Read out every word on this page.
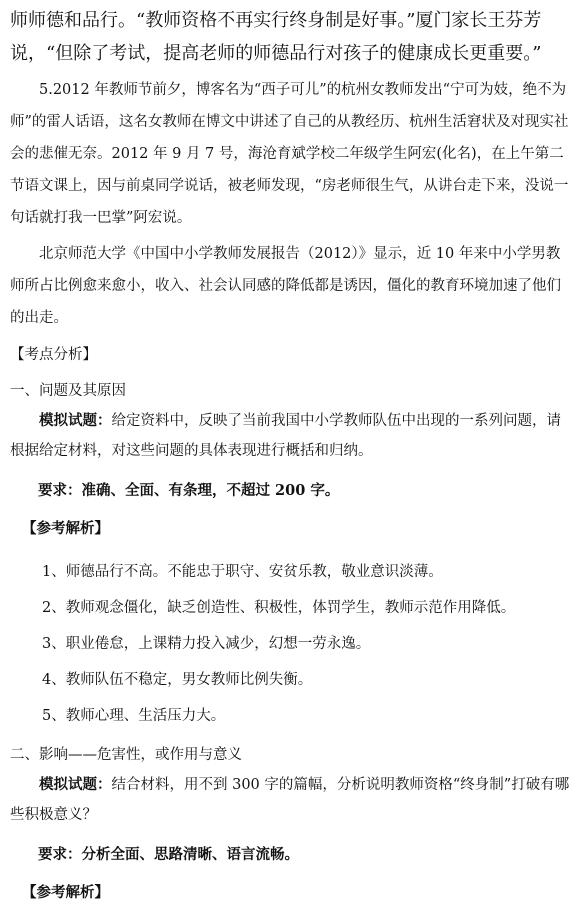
师师德和品行。“教师资格不再实行终身制是好事。”厦门家长王芬芳说，“但除了考试，提高老师的师德品行对孩子的健康成长更重要。”

5.2012 年教师节前夕，博客名为“西子可儿”的杭州女教师发出“宁可为妓，绝不为师”的雷人话语，这名女教师在博文中讲述了自己的从教经历、杭州生活窘状及对现实社会的悲催无奈。2012 年 9 月 7 号，海沧育斌学校二年级学生阿宏(化名)，在上午第二节语文课上，因与前桌同学说话，被老师发现，“房老师很生气，从讲台走下来，没说一句话就打我一巴掌”阿宏说。

北京师范大学《中国中小学教师发展报告（2012）》显示，近 10 年来中小学男教师所占比例愈来愈小，收入、社会认同感的降低都是诱因，僵化的教育环境加速了他们的出走。

【考点分析】

一、问题及其原因

模拟试题：给定资料中，反映了当前我国中小学教师队伍中出现的一系列问题，请根据给定材料，对这些问题的具体表现进行概括和归纳。

要求：准确、全面、有条理，不超过 200 字。

【参考解析】

1、师德品行不高。不能忠于职守、安贫乐教，敬业意识淡薄。
2、教师观念僵化，缺乏创造性、积极性，体罚学生，教师示范作用降低。
3、职业倦怠，上课精力投入减少，幻想一劳永逸。
4、教师队伍不稳定，男女教师比例失衡。
5、教师心理、生活压力大。

二、影响——危害性，或作用与意义

模拟试题：结合材料，用不到 300 字的篇幅，分析说明教师资格“终身制”打破有哪些积极意义？

要求：分析全面、思路清晰、语言流畅。

【参考解析】
